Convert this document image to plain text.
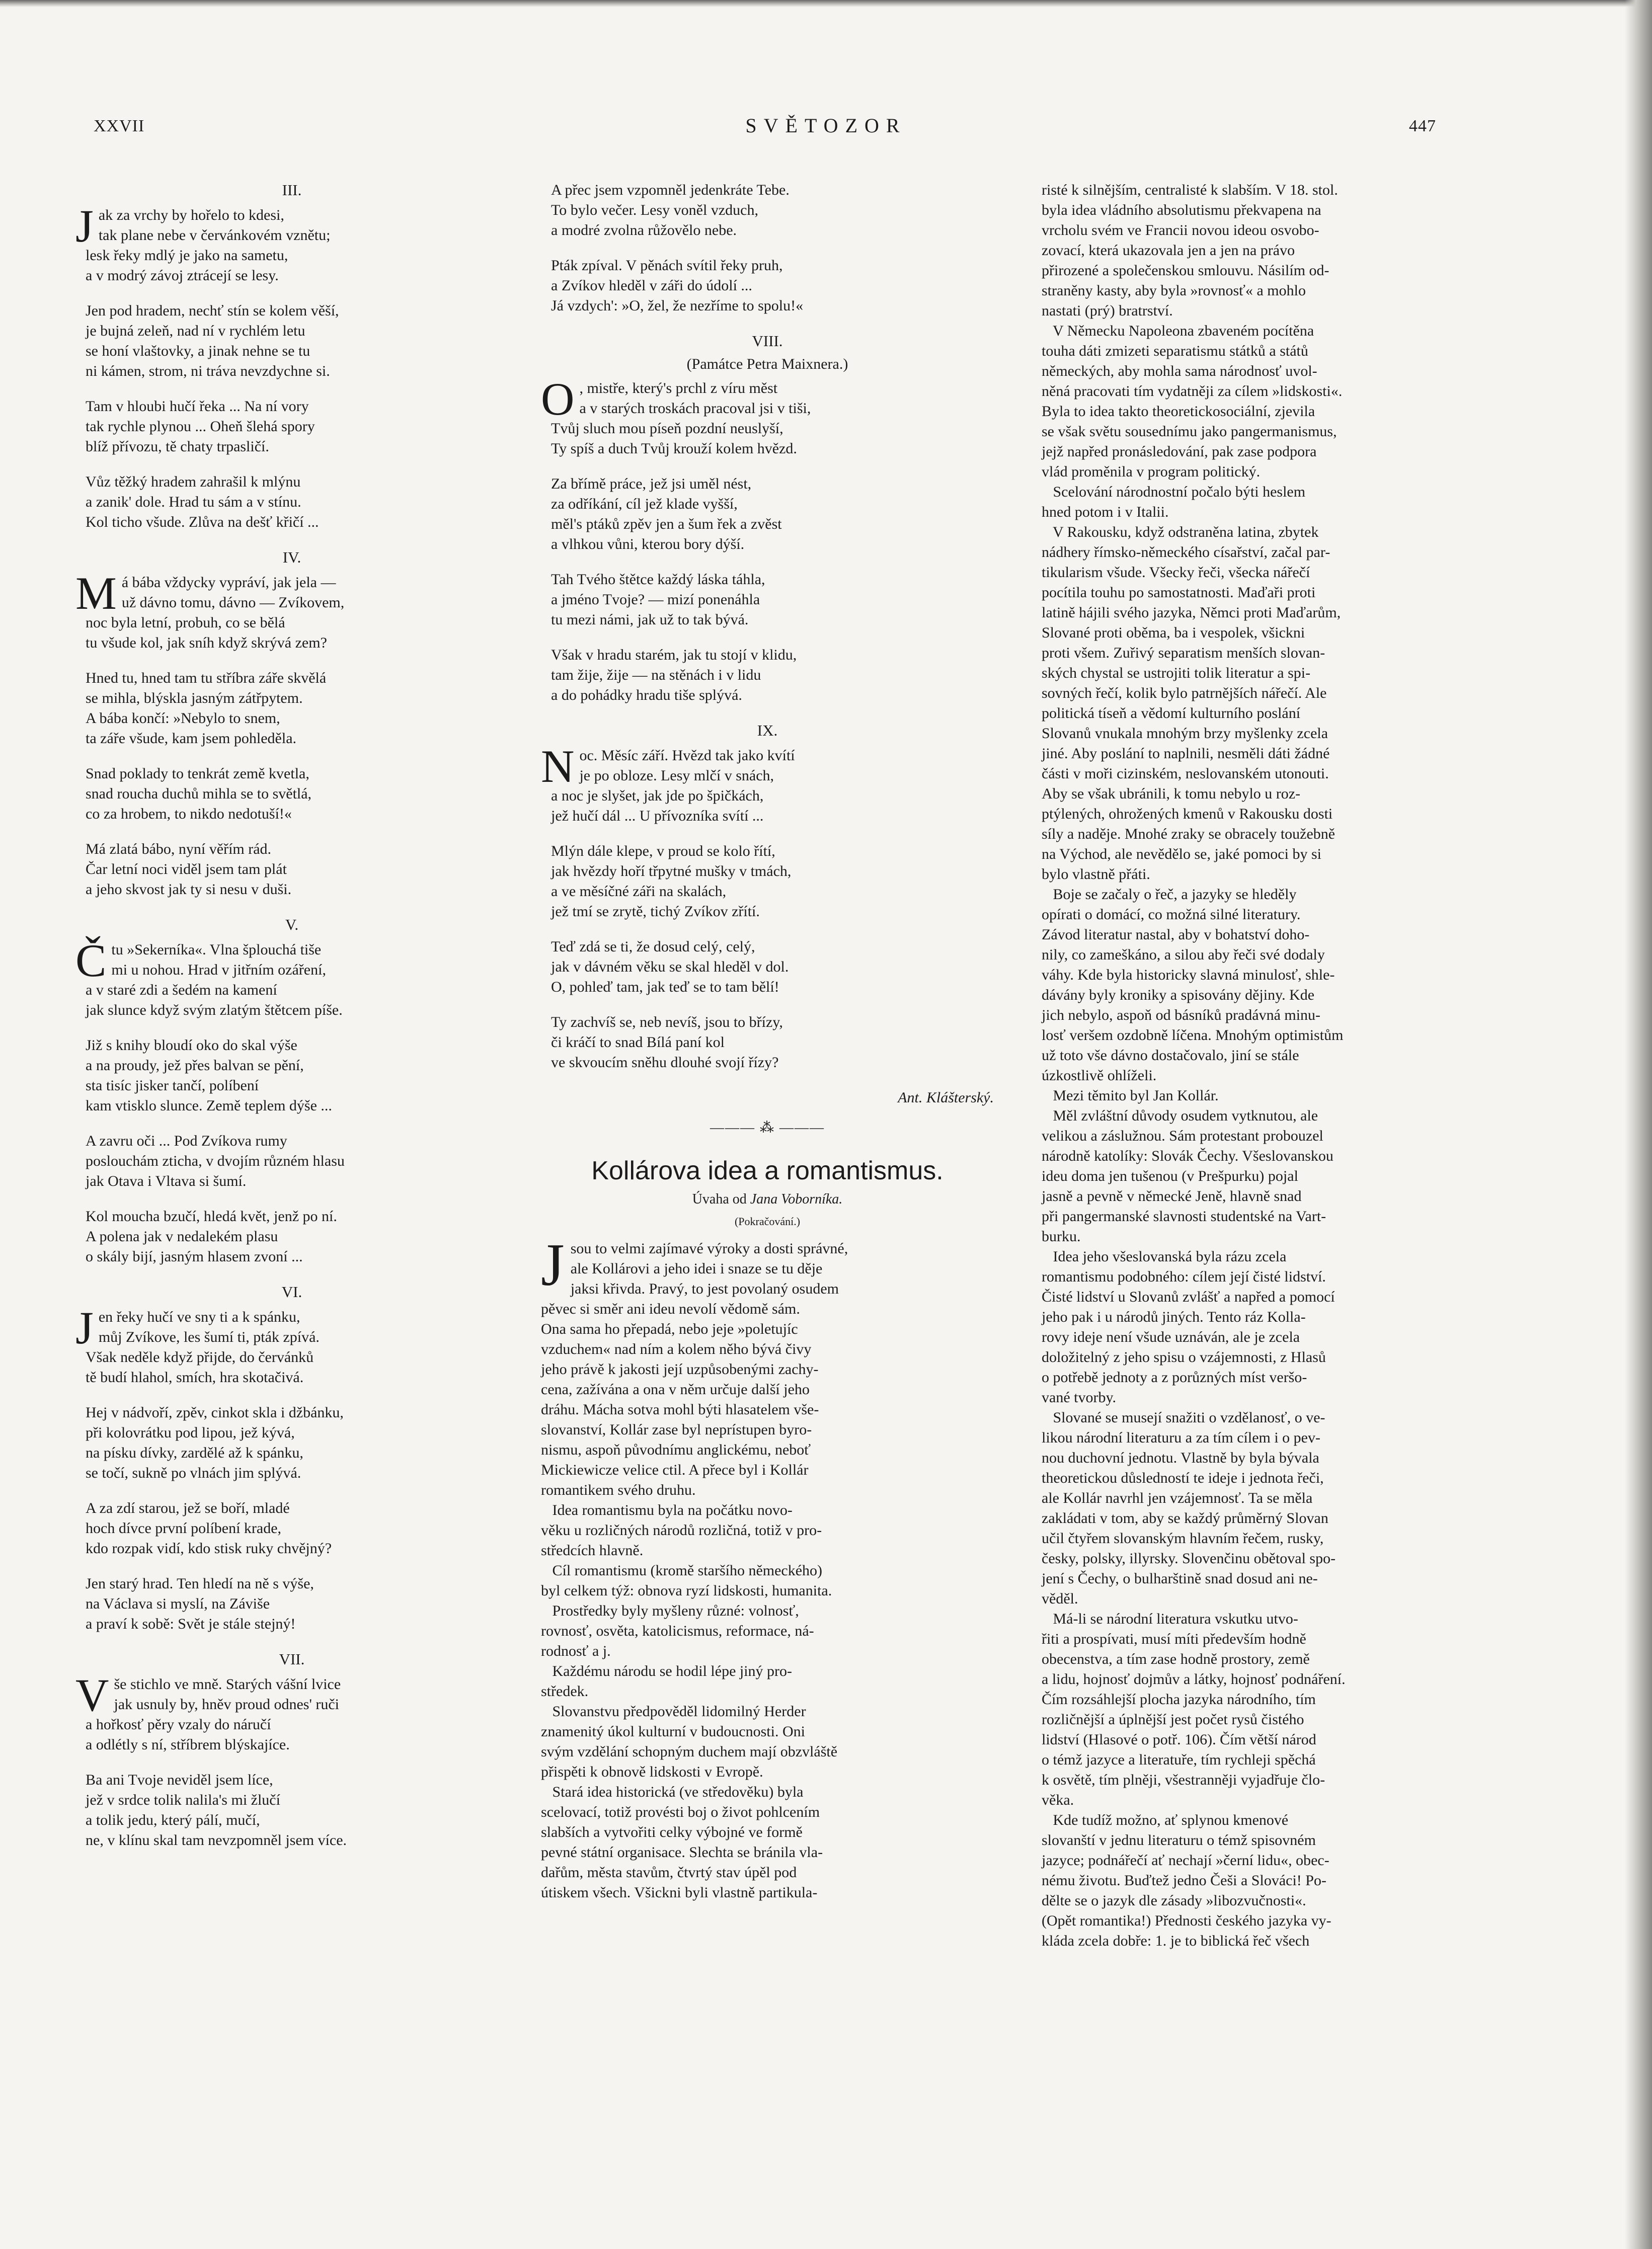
XXVII	SVĚTOZOR	447
III.
J ak za vrchy by hořelo to kdesi,
tak plane nebe v červánkovém vznětu;
lesk řeky mdlý je jako na sametu,
a v modrý závoj ztrácejí se lesy.
Jen pod hradem, nechť stín se kolem věší,
je bujná zeleň, nad ní v rychlém letu
se honí vlaštovky, a jinak nehne se tu
ni kámen, strom, ni tráva nevzdychne si.
Tam v hloubi hučí řeka ... Na ní vory
tak rychle plynou ... Oheň šlehá spory
blíž přívozu, tě chaty trpasličí.
Vůz těžký hradem zahrašil k mlýnu
a zanik' dole. Hrad tu sám a v stínu.
Kol ticho všude. Zlůva na dešť křičí ...
IV.
M á bába vždycky vypráví, jak jela —
už dávno tomu, dávno — Zvíkovem,
noc byla letní, probuh, co se bělá
tu všude kol, jak sníh když skrývá zem?
Hned tu, hned tam tu stříbra záře skvělá
se mihla, blýskla jasným zátřpytem.
A bába končí: »Nebylo to snem,
ta záře všude, kam jsem pohleděla.
Snad poklady to tenkrát země kvetla,
snad roucha duchů mihla se to světlá,
co za hrobem, to nikdo nedotuší!«
Má zlatá bábo, nyní věřím rád.
Čar letní noci viděl jsem tam plát
a jeho skvost jak ty si nesu v duši.
V.
Č tu »Sekerníka«. Vlna šplouchá tiše
mi u nohou. Hrad v jitřním ozáření,
a v staré zdi a šedém na kamení
jak slunce když svým zlatým štětcem píše.
Již s knihy bloudí oko do skal výše
a na proudy, jež přes balvan se pění,
sta tisíc jisker tančí, políbení
kam vtisklo slunce. Země teplem dýše ...
A zavru oči ... Pod Zvíkova rumy
poslouchám zticha, v dvojím různém hlasu
jak Otava i Vltava si šumí.
Kol moucha bzučí, hledá květ, jenž po ní.
A polena jak v nedalekém plasu
o skály bijí, jasným hlasem zvoní ...
VI.
J en řeky hučí ve sny ti a k spánku,
můj Zvíkove, les šumí ti, pták zpívá.
Však neděle když přijde, do červánků
tě budí hlahol, smích, hra skotačivá.
Hej v nádvoří, zpěv, cinkot skla i džbánku,
při kolovrátku pod lipou, jež kývá,
na písku dívky, zardělé až k spánku,
se točí, sukně po vlnách jim splývá.
A za zdí starou, jež se boří, mladé
hoch dívce první políbení krade,
kdo rozpak vidí, kdo stisk ruky chvějný?
Jen starý hrad. Ten hledí na ně s výše,
na Václava si myslí, na Záviše
a praví k sobě: Svět je stále stejný!
VII.
V še stichlo ve mně. Starých vášní lvice
jak usnuly by, hněv proud odnes' ruči
a hořkosť pěry vzaly do náručí
a odlétly s ní, stříbrem blýskajíce.
Ba ani Tvoje neviděl jsem líce,
jež v srdce tolik nalila's mi žlučí
a tolik jedu, který pálí, mučí,
ne, v klínu skal tam nevzpomněl jsem více.
A přec jsem vzpomněl jedenkráte Tebe.
To bylo večer. Lesy voněl vzduch,
a modré zvolna růžovělo nebe.
Pták zpíval. V pěnách svítil řeky pruh,
a Zvíkov hleděl v záři do údolí ...
Já vzdych': »O, žel, že nezříme to spolu!«
VIII.
(Památce Petra Maixnera.)
O , mistře, který's prchl z víru měst
a v starých troskách pracoval jsi v tiši,
Tvůj sluch mou píseň pozdní neuslyší,
Ty spíš a duch Tvůj krouží kolem hvězd.
Za břímě práce, jež jsi uměl nést,
za odříkání, cíl jež klade vyšší,
měl's ptáků zpěv jen a šum řek a zvěst
a vlhkou vůni, kterou bory dýší.
Tah Tvého štětce každý láska táhla,
a jméno Tvoje? — mizí ponenáhla
tu mezi námi, jak už to tak bývá.
Však v hradu starém, jak tu stojí v klidu,
tam žije, žije — na stěnách i v lidu
a do pohádky hradu tiše splývá.
IX.
N oc. Měsíc září. Hvězd tak jako kvítí
je po obloze. Lesy mlčí v snách,
a noc je slyšet, jak jde po špičkách,
jež hučí dál ... U přívozníka svítí ...
Mlýn dále klepe, v proud se kolo řítí,
jak hvězdy hoří třpytné mušky v tmách,
a ve měsíčné záři na skalách,
jež tmí se zrytě, tichý Zvíkov zřítí.
Teď zdá se ti, že dosud celý, celý,
jak v dávném věku se skal hleděl v dol.
O, pohleď tam, jak teď se to tam bělí!
Ty zachvíš se, neb nevíš, jsou to břízy,
či kráčí to snad Bílá paní kol
ve skvoucím sněhu dlouhé svojí řízy?
Ant. Klášterský.
——— ⁂ ———
Kollárova idea a romantismus.
Úvaha od Jana Voborníka.
(Pokračování.)
J sou to velmi zajímavé výroky a dosti správné,
ale Kollárovi a jeho idei i snaze se tu děje
jaksi křivda. Pravý, to jest povolaný osudem
pěvec si směr ani ideu nevolí vědomě sám.
Ona sama ho přepadá, nebo jeje »poletujíc
vzduchem« nad ním a kolem něho bývá čivy
jeho právě k jakosti její uzpůsobenými zachy-
cena, zažívána a ona v něm určuje další jeho
dráhu. Mácha sotva mohl býti hlasatelem vše-
slovanství, Kollár zase byl neprístupen byro-
nismu, aspoň původnímu anglickému, neboť
Mickiewicze velice ctil. A přece byl i Kollár
romantikem svého druhu.
Idea romantismu byla na počátku novo-
věku u rozličných národů rozličná, totiž v pro-
středcích hlavně.
Cíl romantismu (kromě staršího německého)
byl celkem týž: obnova ryzí lidskosti, humanita.
Prostředky byly myšleny různé: volnosť,
rovnosť, osvěta, katolicismus, reformace, ná-
rodnosť a j.
Každému národu se hodil lépe jiný pro-
středek.
Slovanstvu předpověděl lidomilný Herder
znamenitý úkol kulturní v budoucnosti. Oni
svým vzdělání schopným duchem mají obzvláště
přispěti k obnově lidskosti v Evropě.
Stará idea historická (ve středověku) byla
scelovací, totiž provésti boj o život pohlcením
slabších a vytvořiti celky výbojné ve formě
pevné státní organisace. Slechta se bránila vla-
dařům, města stavům, čtvrtý stav úpěl pod
útiskem všech. Všickni byli vlastně partikula-
risté k silnějším, centralisté k slabším. V 18. stol.
byla idea vládního absolutismu překvapena na
vrcholu svém ve Francii novou ideou osvobo-
zovací, která ukazovala jen a jen na právo
přirozené a společenskou smlouvu. Násilím od-
straněny kasty, aby byla »rovnosť« a mohlo
nastati (prý) bratrství.
V Německu Napoleona zbaveném pocítěna
touha dáti zmizeti separatismu státků a států
německých, aby mohla sama národnosť uvol-
něná pracovati tím vydatněji za cílem »lidskosti«.
Byla to idea takto theoretickosociální, zjevila
se však světu sousednímu jako pangermanismus,
jejž napřed pronásledování, pak zase podpora
vlád proměnila v program politický.
Scelování národnostní počalo býti heslem
hned potom i v Italii.
V Rakousku, když odstraněna latina, zbytek
nádhery římsko-německého císařství, začal par-
tikularism všude. Všecky řeči, všecka nářečí
pocítila touhu po samostatnosti. Maďaři proti
latině hájili svého jazyka, Němci proti Maďarům,
Slované proti oběma, ba i vespolek, všickni
proti všem. Zuřivý separatism menších slovan-
ských chystal se ustrojiti tolik literatur a spi-
sovných řečí, kolik bylo patrnějších nářečí. Ale
politická tíseň a vědomí kulturního poslání
Slovanů vnukala mnohým brzy myšlenky zcela
jiné. Aby poslání to naplnili, nesměli dáti žádné
části v moři cizinském, neslovanském utonouti.
Aby se však ubránili, k tomu nebylo u roz-
ptýlených, ohrožených kmenů v Rakousku dosti
síly a naděje. Mnohé zraky se obracely toužebně
na Východ, ale nevědělo se, jaké pomoci by si
bylo vlastně přáti.
Boje se začaly o řeč, a jazyky se hleděly
opírati o domácí, co možná silné literatury.
Závod literatur nastal, aby v bohatství doho-
nily, co zameškáno, a silou aby řeči své dodaly
váhy. Kde byla historicky slavná minulosť, shle-
dávány byly kroniky a spisovány dějiny. Kde
jich nebylo, aspoň od básníků pradávná minu-
losť veršem ozdobně líčena. Mnohým optimistům
už toto vše dávno dostačovalo, jiní se stále
úzkostlivě ohlíželi.
Mezi těmito byl Jan Kollár.
Měl zvláštní důvody osudem vytknutou, ale
velikou a záslužnou. Sám protestant probouzel
národně katolíky: Slovák Čechy. Všeslovanskou
ideu doma jen tušenou (v Prešpurku) pojal
jasně a pevně v německé Jeně, hlavně snad
při pangermanské slavnosti studentské na Vart-
burku.
Idea jeho všeslovanská byla rázu zcela
romantismu podobného: cílem její čisté lidství.
Čisté lidství u Slovanů zvlášť a napřed a pomocí
jeho pak i u národů jiných. Tento ráz Kolla-
rovy ideje není všude uznáván, ale je zcela
doložitelný z jeho spisu o vzájemnosti, z Hlasů
o potřebě jednoty a z porůzných míst veršo-
vané tvorby.
Slované se musejí snažiti o vzdělanosť, o ve-
likou národní literaturu a za tím cílem i o pev-
nou duchovní jednotu. Vlastně by byla bývala
theoretickou důsledností te ideje i jednota řeči,
ale Kollár navrhl jen vzájemnosť. Ta se měla
zakládati v tom, aby se každý průměrný Slovan
učil čtyřem slovanským hlavním řečem, rusky,
česky, polsky, illyrsky. Slovenčinu obětoval spo-
jení s Čechy, o bulharštině snad dosud ani ne-
věděl.
Má-li se národní literatura vskutku utvo-
řiti a prospívati, musí míti především hodně
obecenstva, a tím zase hodně prostory, země
a lidu, hojnosť dojmův a látky, hojnosť podnáření.
Čím rozsáhlejší plocha jazyka národního, tím
rozličnější a úplnější jest počet rysů čistého
lidství (Hlasové o potř. 106). Čím větší národ
o témž jazyce a literatuře, tím rychleji spěchá
k osvětě, tím plněji, všestranněji vyjadřuje člo-
věka.
Kde tudíž možno, ať splynou kmenové
slovanští v jednu literaturu o témž spisovném
jazyce; podnářečí ať nechají »černí lidu«, obec-
nému životu. Buďtež jedno Češi a Slováci! Po-
dělte se o jazyk dle zásady »libozvučnosti«.
(Opět romantika!) Přednosti českého jazyka vy-
kláda zcela dobře: 1. je to biblická řeč všech
